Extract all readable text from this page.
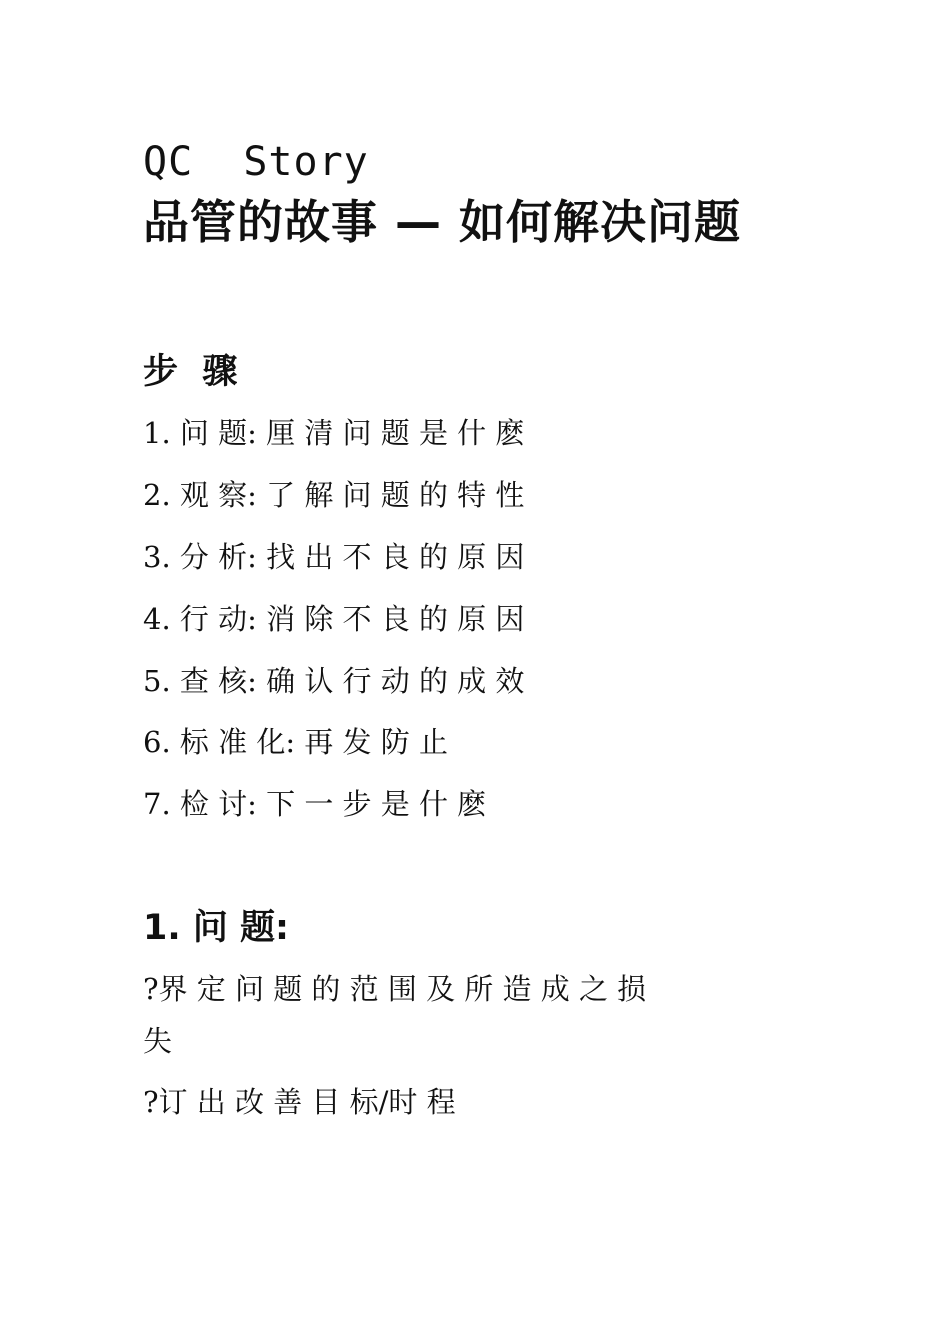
QC  Story
品管的故事 — 如何解决问题
步  骤
1. 问 题: 厘 清 问 题 是 什 麽
2. 观 察: 了 解 问 题 的 特 性
3. 分 析: 找 出 不 良 的 原 因
4. 行 动: 消 除 不 良 的 原 因
5. 查 核: 确 认 行 动 的 成 效
6. 标 准 化: 再 发 防 止
7. 检 讨: 下 一 步 是 什 麽
1. 问 题:
?界 定 问 题 的 范 围 及 所 造 成 之 损
失
?订 出 改 善 目 标/时 程
